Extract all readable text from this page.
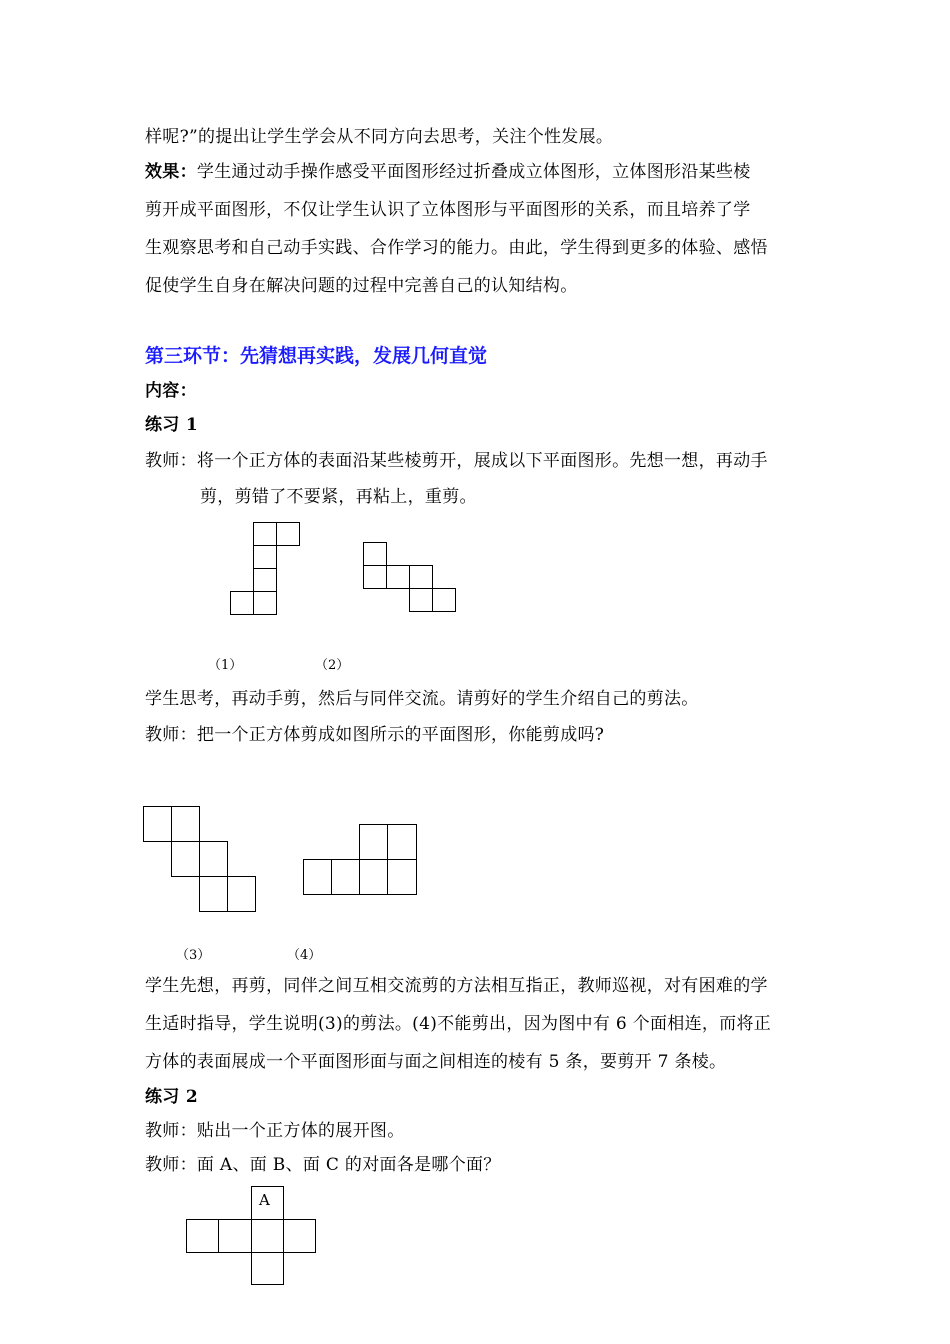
样呢?”的提出让学生学会从不同方向去思考，关注个性发展。
效果：学生通过动手操作感受平面图形经过折叠成立体图形，立体图形沿某些棱
剪开成平面图形，不仅让学生认识了立体图形与平面图形的关系，而且培养了学
生观察思考和自己动手实践、合作学习的能力。由此，学生得到更多的体验、感悟
促使学生自身在解决问题的过程中完善自己的认知结构。
第三环节：先猜想再实践，发展几何直觉
内容：
练习 1
教师：将一个正方体的表面沿某些棱剪开，展成以下平面图形。先想一想，再动手
剪，剪错了不要紧，再粘上，重剪。
（1）	（2）
学生思考，再动手剪，然后与同伴交流。请剪好的学生介绍自己的剪法。
教师：把一个正方体剪成如图所示的平面图形，你能剪成吗?
（3）	（4）
学生先想，再剪，同伴之间互相交流剪的方法相互指正，教师巡视，对有困难的学
生适时指导，学生说明(3)的剪法。(4)不能剪出，因为图中有 6 个面相连，而将正
方体的表面展成一个平面图形面与面之间相连的棱有 5 条，要剪开 7 条棱。
练习 2
教师：贴出一个正方体的展开图。
教师：面 A、面 B、面 C 的对面各是哪个面？
A
